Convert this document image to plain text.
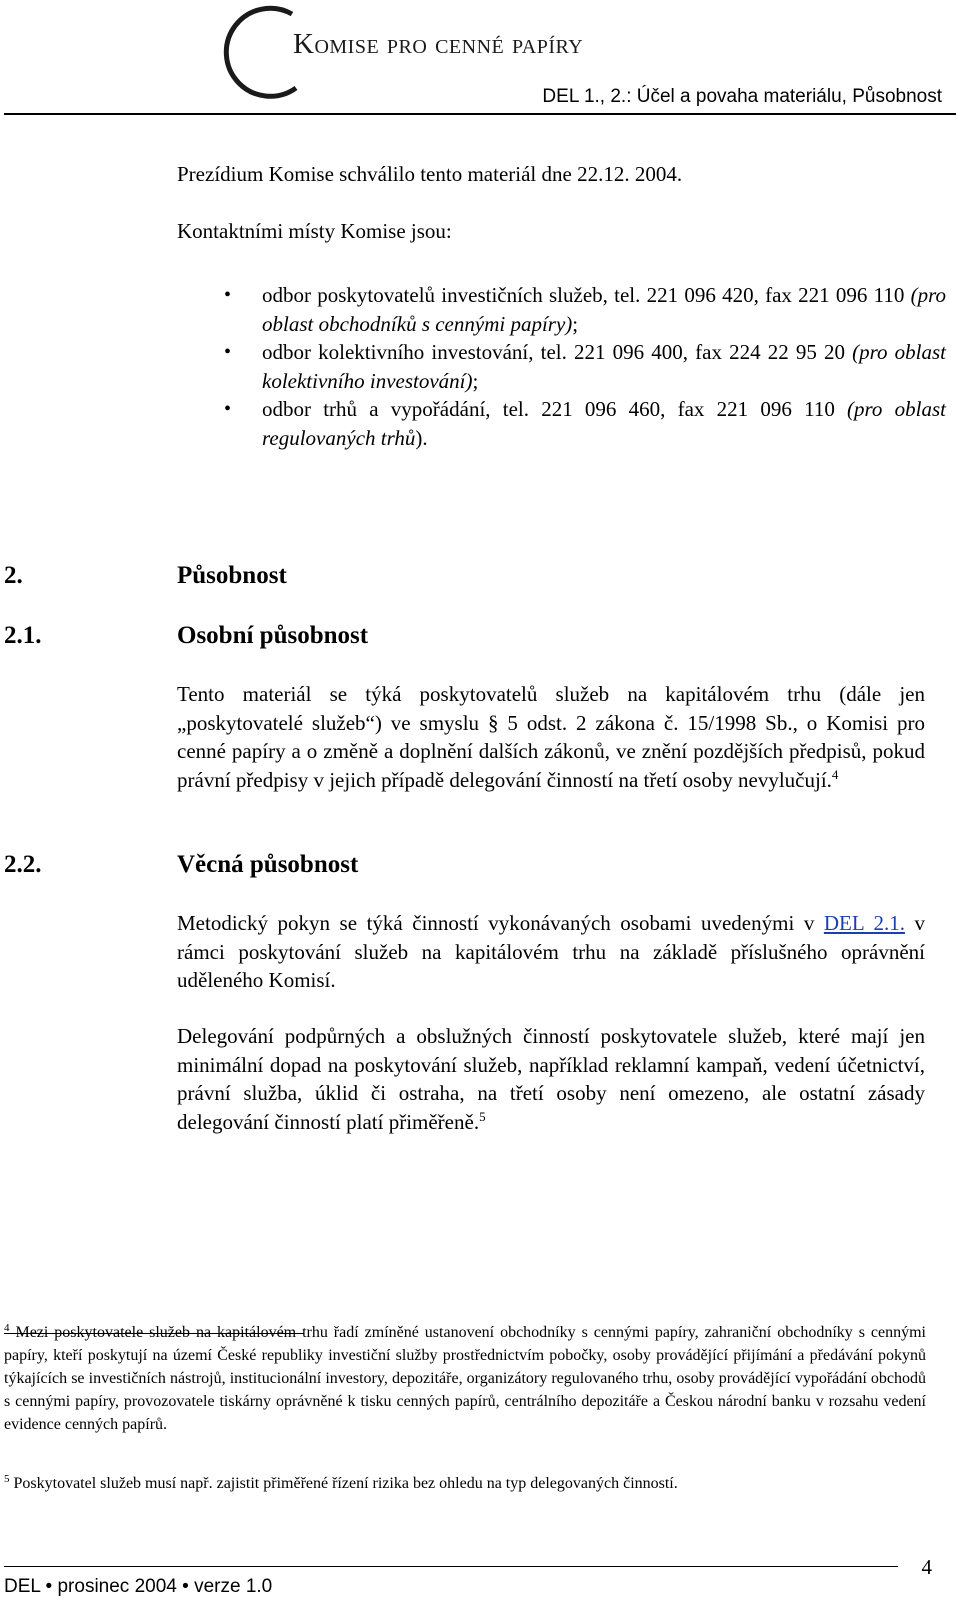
Komise pro cenné papíry
DEL 1., 2.: Účel a povaha materiálu, Působnost
Prezídium Komise schválilo tento materiál dne 22.12. 2004.
Kontaktními místy Komise jsou:
• odbor poskytovatelů investičních služeb, tel. 221 096 420, fax 221 096 110 (pro oblast obchodníků s cennými papíry);
• odbor kolektivního investování, tel. 221 096 400, fax 224 22 95 20 (pro oblast kolektivního investování);
• odbor trhů a vypořádání, tel. 221 096 460, fax 221 096 110 (pro oblast regulovaných trhů).
2.	Působnost
2.1.	Osobní působnost
Tento materiál se týká poskytovatelů služeb na kapitálovém trhu (dále jen „poskytovatelé služeb“) ve smyslu § 5 odst. 2 zákona č. 15/1998 Sb., o Komisi pro cenné papíry a o změně a doplnění dalších zákonů, ve znění pozdějších předpisů, pokud právní předpisy v jejich případě delegování činností na třetí osoby nevylučují.$^4$
2.2.	Věcná působnost
Metodický pokyn se týká činností vykonávaných osobami uvedenými v DEL 2.1. v rámci poskytování služeb na kapitálovém trhu na základě příslušného oprávnění uděleného Komisí.
Delegování podpůrných a obslužných činností poskytovatele služeb, které mají jen minimální dopad na poskytování služeb, například reklamní kampaň, vedení účetnictví, právní služba, úklid či ostraha, na třetí osoby není omezeno, ale ostatní zásady delegování činností platí přiměřeně.$^5$
$^4$ Mezi poskytovatele služeb na kapitálovém trhu řadí zmíněné ustanovení obchodníky s cennými papíry, zahraniční obchodníky s cennými papíry, kteří poskytují na území České republiky investiční služby prostřednictvím pobočky, osoby provádějící přijímání a předávání pokynů týkajících se investičních nástrojů, institucionální investory, depozitáře, organizátory regulovaného trhu, osoby provádějící vypořádání obchodů s cennými papíry, provozovatele tiskárny oprávněné k tisku cenných papírů, centrálního depozitáře a Českou národní banku v rozsahu vedení evidence cenných papírů.
$^5$ Poskytovatel služeb musí např. zajistit přiměřené řízení rizika bez ohledu na typ delegovaných činností.
4
DEL • prosinec 2004 • verze 1.0
